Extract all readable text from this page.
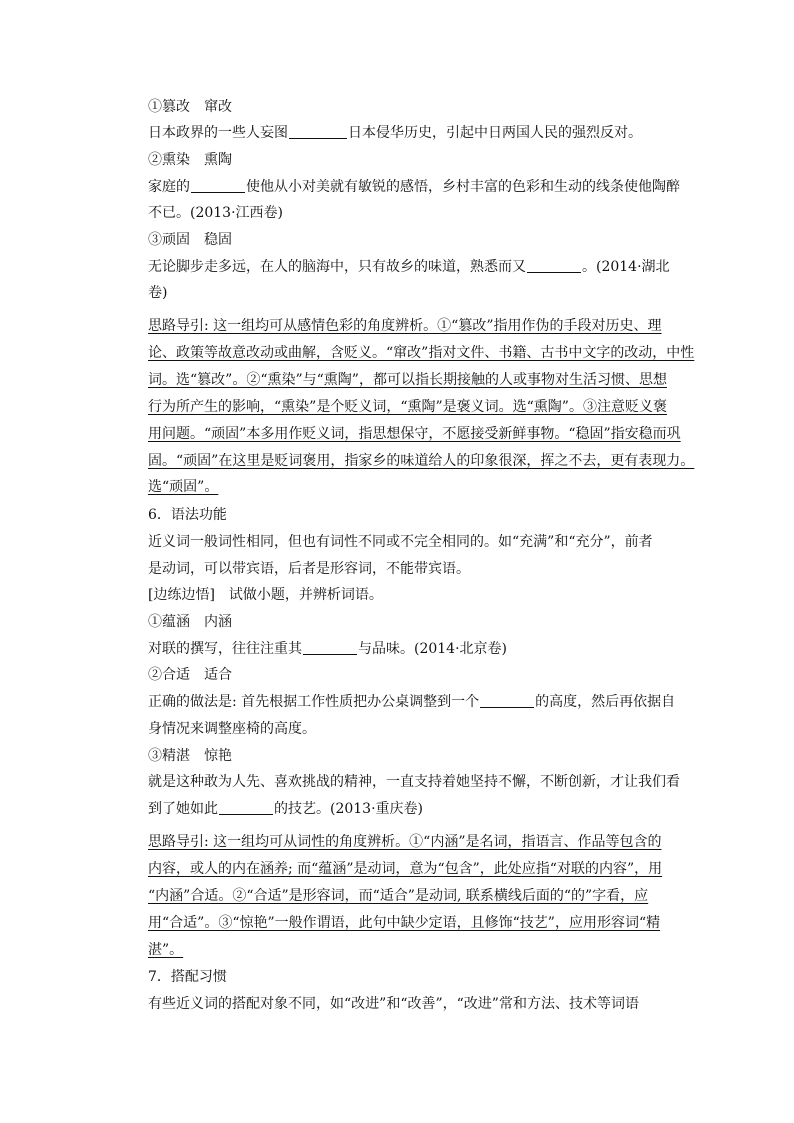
①篡改　窜改
日本政界的一些人妄图	日本侵华历史，引起中日两国人民的强烈反对。
②熏染　熏陶
家庭的	使他从小对美就有敏锐的感悟，乡村丰富的色彩和生动的线条使他陶醉
不已。(2013·江西卷)
③顽固　稳固
无论脚步走多远，在人的脑海中，只有故乡的味道，熟悉而又	。(2014·湖北
卷)
思路导引: 这一组均可从感情色彩的角度辨析。①“篡改”指用作伪的手段对历史、理
论、政策等故意改动或曲解，含贬义。“窜改”指对文件、书籍、古书中文字的改动，中性
词。选“篡改”。②“熏染”与“熏陶”，都可以指长期接触的人或事物对生活习惯、思想
行为所产生的影响，“熏染”是个贬义词，“熏陶”是褒义词。选“熏陶”。③注意贬义褒
用问题。“顽固”本多用作贬义词，指思想保守，不愿接受新鲜事物。“稳固”指安稳而巩
固。“顽固”在这里是贬词褒用，指家乡的味道给人的印象很深，挥之不去，更有表现力。
选“顽固”。
6．语法功能
近义词一般词性相同，但也有词性不同或不完全相同的。如“充满”和“充分”，前者
是动词，可以带宾语，后者是形容词，不能带宾语。
[边练边悟]　试做小题，并辨析词语。
①蕴涵　内涵
对联的撰写，往往注重其	与品味。(2014·北京卷)
②合适　适合
正确的做法是: 首先根据工作性质把办公桌调整到一个	的高度，然后再依据自
身情况来调整座椅的高度。
③精湛　惊艳
就是这种敢为人先、喜欢挑战的精神，一直支持着她坚持不懈，不断创新，才让我们看
到了她如此	的技艺。(2013·重庆卷)
思路导引: 这一组均可从词性的角度辨析。①“内涵”是名词，指语言、作品等包含的
内容，或人的内在涵养; 而“蕴涵”是动词，意为“包含”，此处应指“对联的内容”，用
“内涵”合适。②“合适”是形容词，而“适合”是动词, 联系横线后面的“的”字看，应
用“合适”。③“惊艳”一般作谓语，此句中缺少定语，且修饰“技艺”，应用形容词“精
湛”。
7．搭配习惯
有些近义词的搭配对象不同，如“改进”和“改善”，“改进”常和方法、技术等词语
